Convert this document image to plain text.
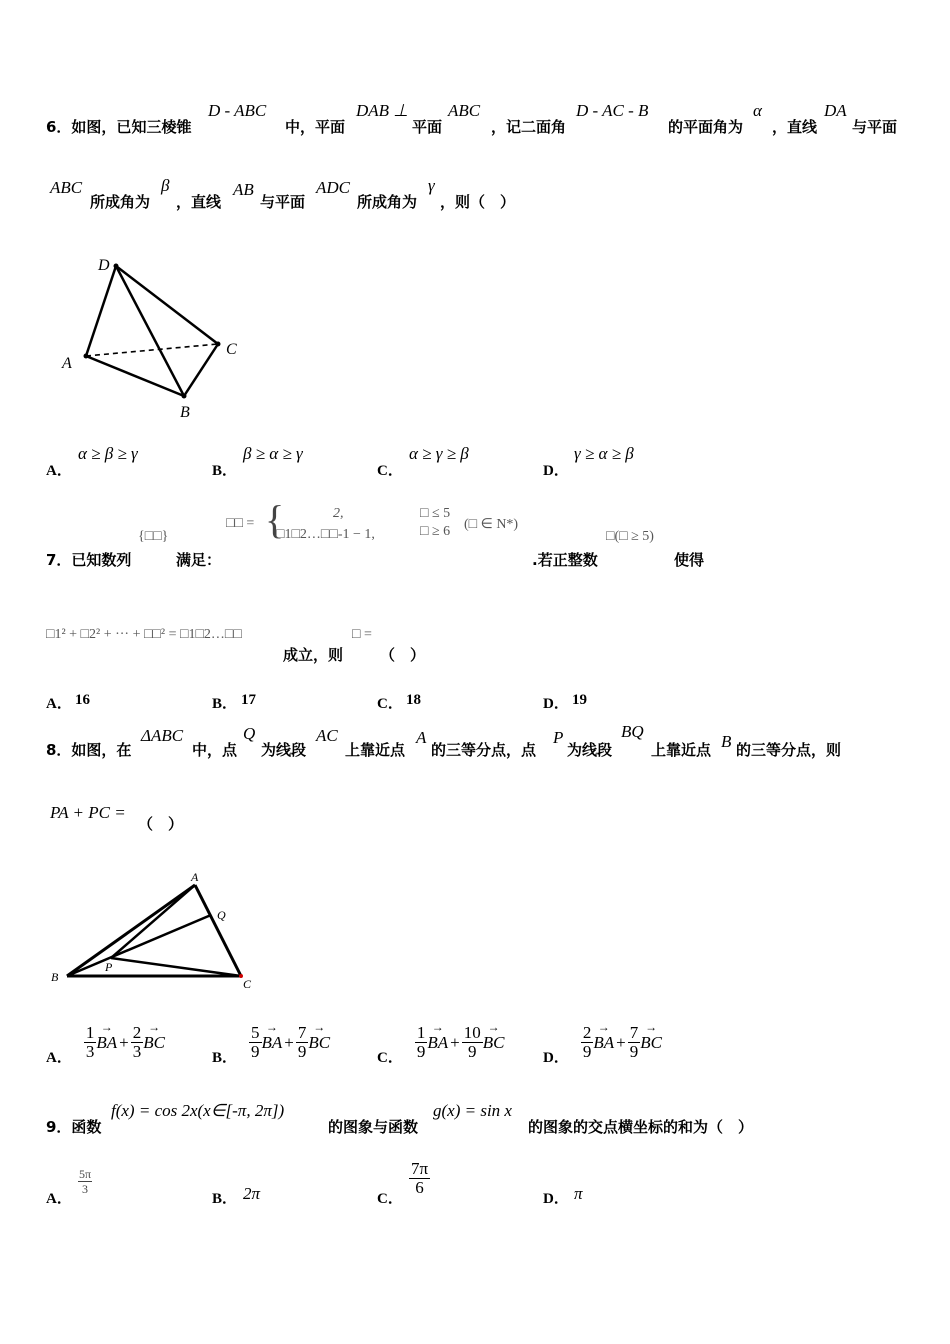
6．如图，已知三棱锥
D - ABC
中，平面
DAB ⊥
平面
ABC
，记二面角
D - AC - B
的平面角为
α
，直线
DA
与平面
ABC
所成角为
β
，直线
AB
与平面
ADC
所成角为
γ
，则（　）
D
A
C
B
A．
α ≥ β ≥ γ
B．
β ≥ α ≥ γ
C．
α ≥ γ ≥ β
D．
γ ≥ α ≥ β
7．已知数列
{□□}
满足：
□□ = {	2,
□1□2…□□-1 − 1,
□ ≤ 5
□ ≥ 6 (□ ∈ N*)
.若正整数
□(□ ≥ 5)
使得
□1² + □2² + ··· + □□² = □1□2…□□
成立，则
□ =
（　）
A． 16	B． 17	C． 18	D． 19
8．如图，在
ΔABC
中，点
Q
为线段
AC
上靠近点
A
的三等分点，点
P
为线段
BQ
上靠近点 B 的三等分点，则
PA + PC =
（　）
A
Q
B
P
C
A． $\frac{1}{3}$ → BA + $\frac{2}{3}$ → BC
B． $\frac{5}{9}$ → BA + $\frac{7}{9}$ → BC
C． $\frac{1}{9}$ → BA + $\frac{10}{9}$ → BC
D． $\frac{2}{9}$ → BA + $\frac{7}{9}$ → BC
9．函数
f(x) = cos 2x(x∈[-π, 2π])
的图象与函数
g(x) = sin x
的图象的交点横坐标的和为（　）
A．
5π
3
B． 2π	C．
$\frac{7\pi}{6}$
D． π
